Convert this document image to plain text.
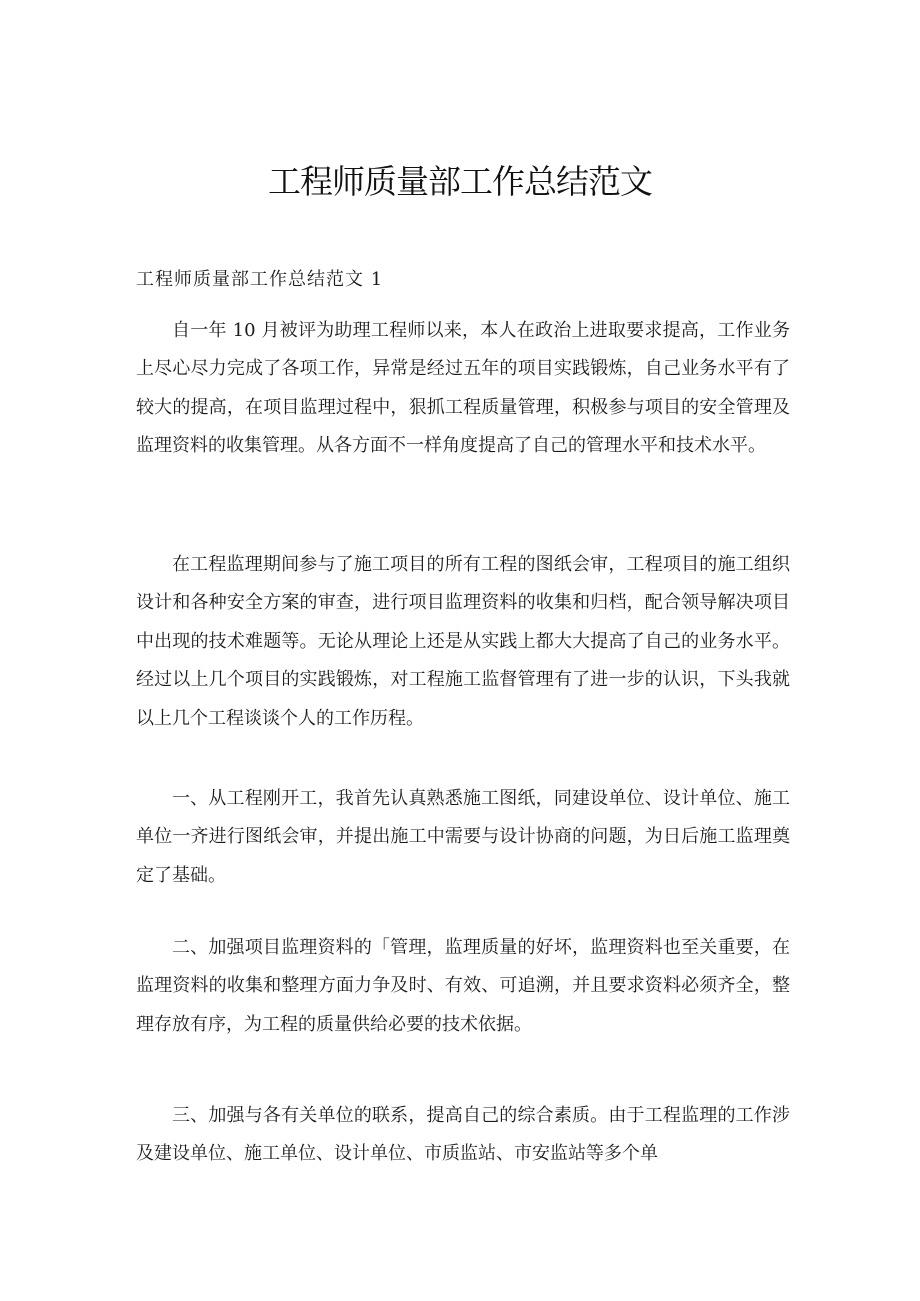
工程师质量部工作总结范文

工程师质量部工作总结范文 1

自一年 10 月被评为助理工程师以来，本人在政治上进取要求提高，工作业务上尽心尽力完成了各项工作，异常是经过五年的项目实践锻炼，自己业务水平有了较大的提高，在项目监理过程中，狠抓工程质量管理，积极参与项目的安全管理及监理资料的收集管理。从各方面不一样角度提高了自己的管理水平和技术水平。

在工程监理期间参与了施工项目的所有工程的图纸会审，工程项目的施工组织设计和各种安全方案的审查，进行项目监理资料的收集和归档，配合领导解决项目中出现的技术难题等。无论从理论上还是从实践上都大大提高了自己的业务水平。经过以上几个项目的实践锻炼，对工程施工监督管理有了进一步的认识，下头我就以上几个工程谈谈个人的工作历程。

一、从工程刚开工，我首先认真熟悉施工图纸，同建设单位、设计单位、施工单位一齐进行图纸会审，并提出施工中需要与设计协商的问题，为日后施工监理奠定了基础。

二、加强项目监理资料的「管理，监理质量的好坏，监理资料也至关重要，在监理资料的收集和整理方面力争及时、有效、可追溯，并且要求资料必须齐全，整理存放有序，为工程的质量供给必要的技术依据。

三、加强与各有关单位的联系，提高自己的综合素质。由于工程监理的工作涉及建设单位、施工单位、设计单位、市质监站、市安监站等多个单
